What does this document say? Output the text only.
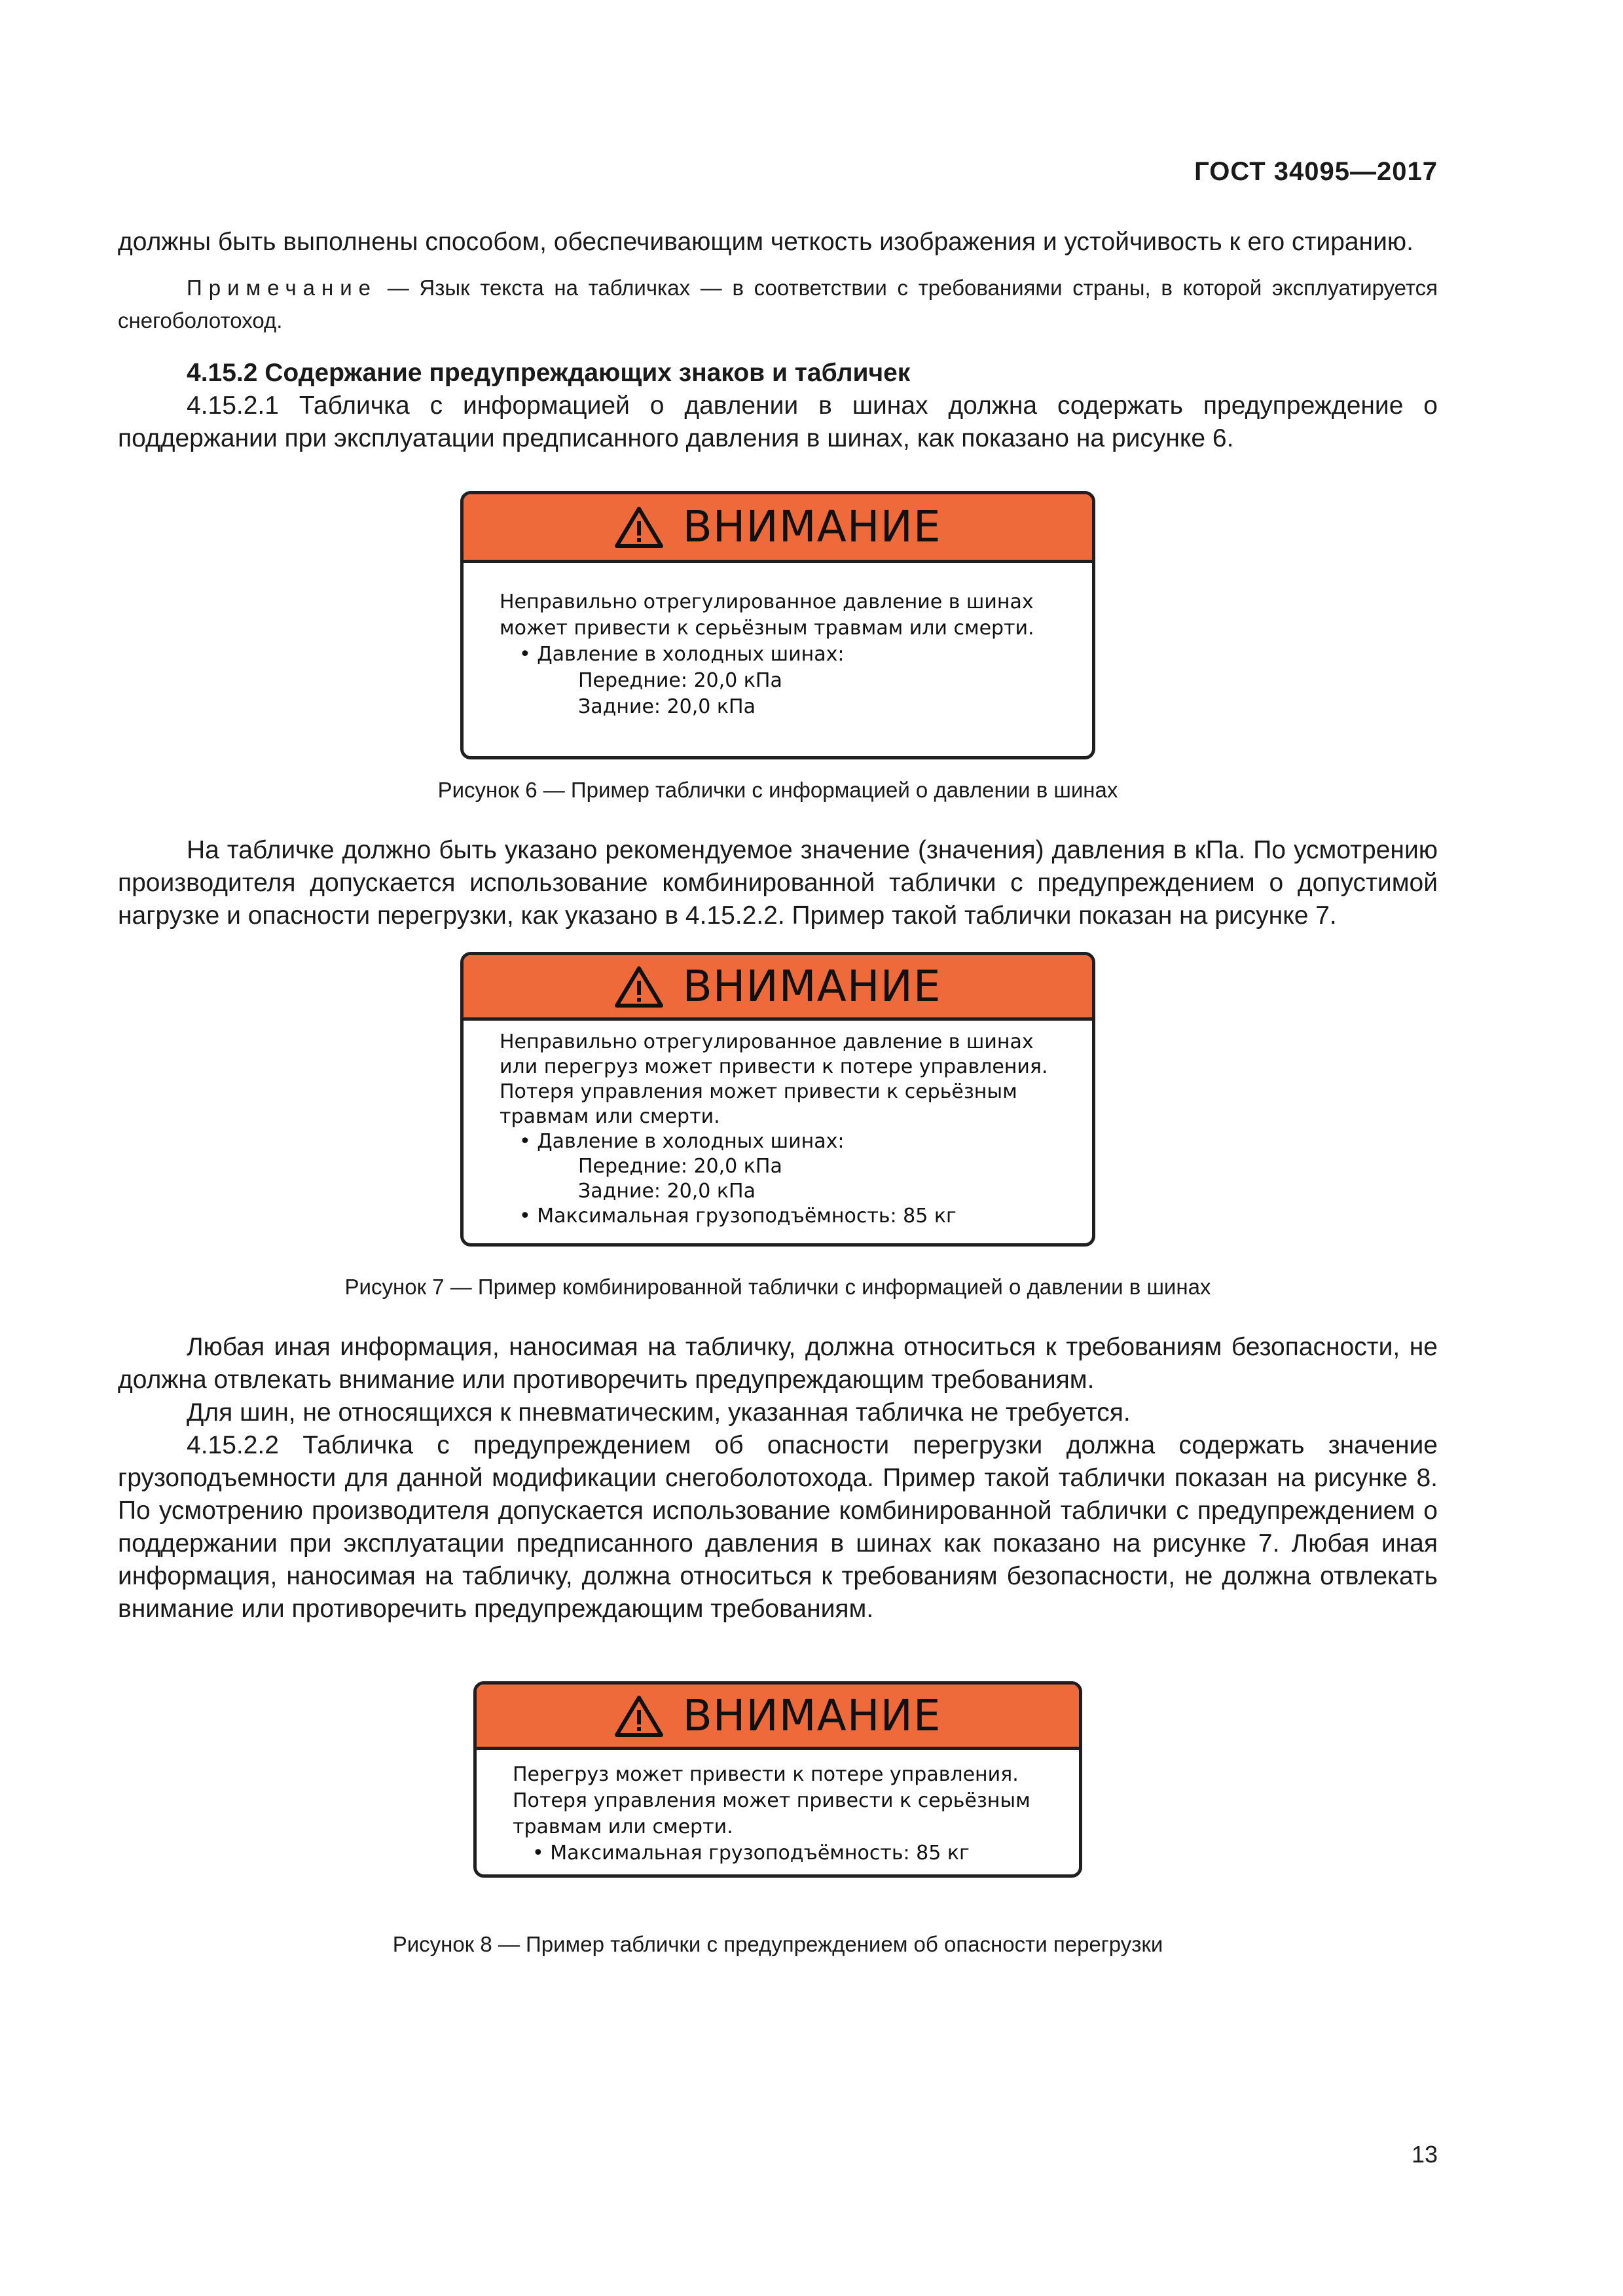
ГОСТ 34095—2017

должны быть выполнены способом, обеспечивающим четкость изображения и устойчивость к его стиранию.

Примечание — Язык текста на табличках — в соответствии с требованиями страны, в которой эксплуатируется снегоболотоход.

4.15.2 Содержание предупреждающих знаков и табличек

4.15.2.1 Табличка с информацией о давлении в шинах должна содержать предупреждение о поддержании при эксплуатации предписанного давления в шинах, как показано на рисунке 6.

ВНИМАНИЕ
Неправильно отрегулированное давление в шинах
может привести к серьёзным травмам или смерти.
• Давление в холодных шинах:
Передние: 20,0 кПа
Задние: 20,0 кПа
Рисунок 6 — Пример таблички с информацией о давлении в шинах

На табличке должно быть указано рекомендуемое значение (значения) давления в кПа. По усмотрению производителя допускается использование комбинированной таблички с предупреждением о допустимой нагрузке и опасности перегрузки, как указано в 4.15.2.2. Пример такой таблички показан на рисунке 7.

ВНИМАНИЕ
Неправильно отрегулированное давление в шинах
или перегруз может привести к потере управления.
Потеря управления может привести к серьёзным
травмам или смерти.
• Давление в холодных шинах:
Передние: 20,0 кПа
Задние: 20,0 кПа
• Максимальная грузоподъёмность: 85 кг
Рисунок 7 — Пример комбинированной таблички с информацией о давлении в шинах

Любая иная информация, наносимая на табличку, должна относиться к требованиям безопасности, не должна отвлекать внимание или противоречить предупреждающим требованиям.

Для шин, не относящихся к пневматическим, указанная табличка не требуется.

4.15.2.2 Табличка с предупреждением об опасности перегрузки должна содержать значение грузоподъемности для данной модификации снегоболотохода. Пример такой таблички показан на рисунке 8. По усмотрению производителя допускается использование комбинированной таблички с предупреждением о поддержании при эксплуатации предписанного давления в шинах как показано на рисунке 7. Любая иная информация, наносимая на табличку, должна относиться к требованиям безопасности, не должна отвлекать внимание или противоречить предупреждающим требованиям.

ВНИМАНИЕ
Перегруз может привести к потере управления.
Потеря управления может привести к серьёзным
травмам или смерти.
• Максимальная грузоподъёмность: 85 кг
Рисунок 8 — Пример таблички с предупреждением об опасности перегрузки
13
